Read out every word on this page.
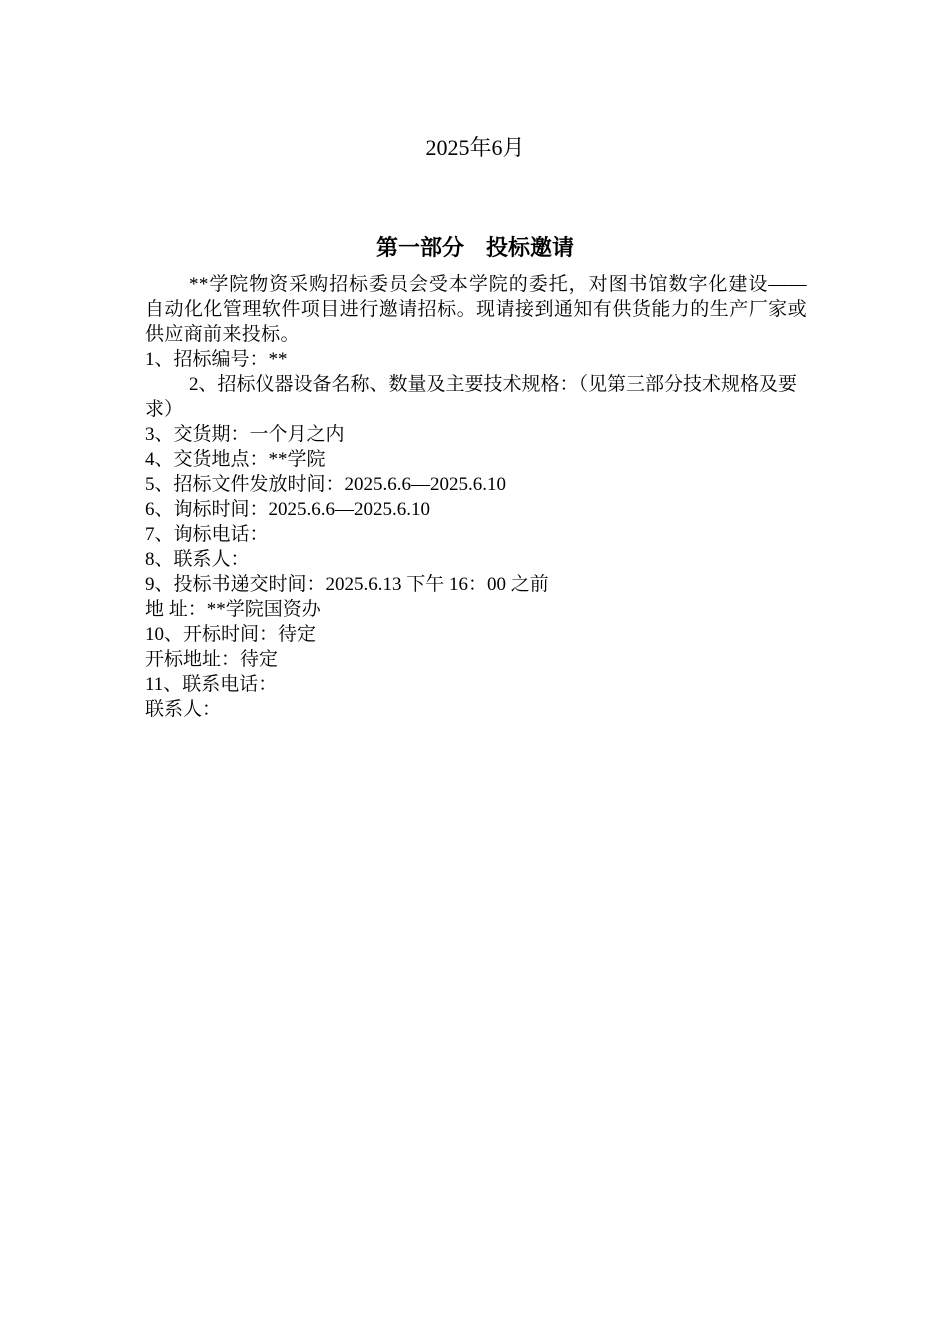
2025年6月
第一部分    投标邀请

**学院物资采购招标委员会受本学院的委托，对图书馆数字化建设——自动化化管理软件项目进行邀请招标。现请接到通知有供货能力的生产厂家或供应商前来投标。

1、招标编号：**

2、招标仪器设备名称、数量及主要技术规格：（见第三部分技术规格及要求）

3、交货期：一个月之内

4、交货地点：**学院

5、招标文件发放时间：2025.6.6—2025.6.10

6、询标时间：2025.6.6—2025.6.10

7、询标电话：

8、联系人：

9、投标书递交时间：2025.6.13 下午 16：00 之前

地 址：**学院国资办

10、开标时间：待定

开标地址：待定

11、联系电话：

联系人：
